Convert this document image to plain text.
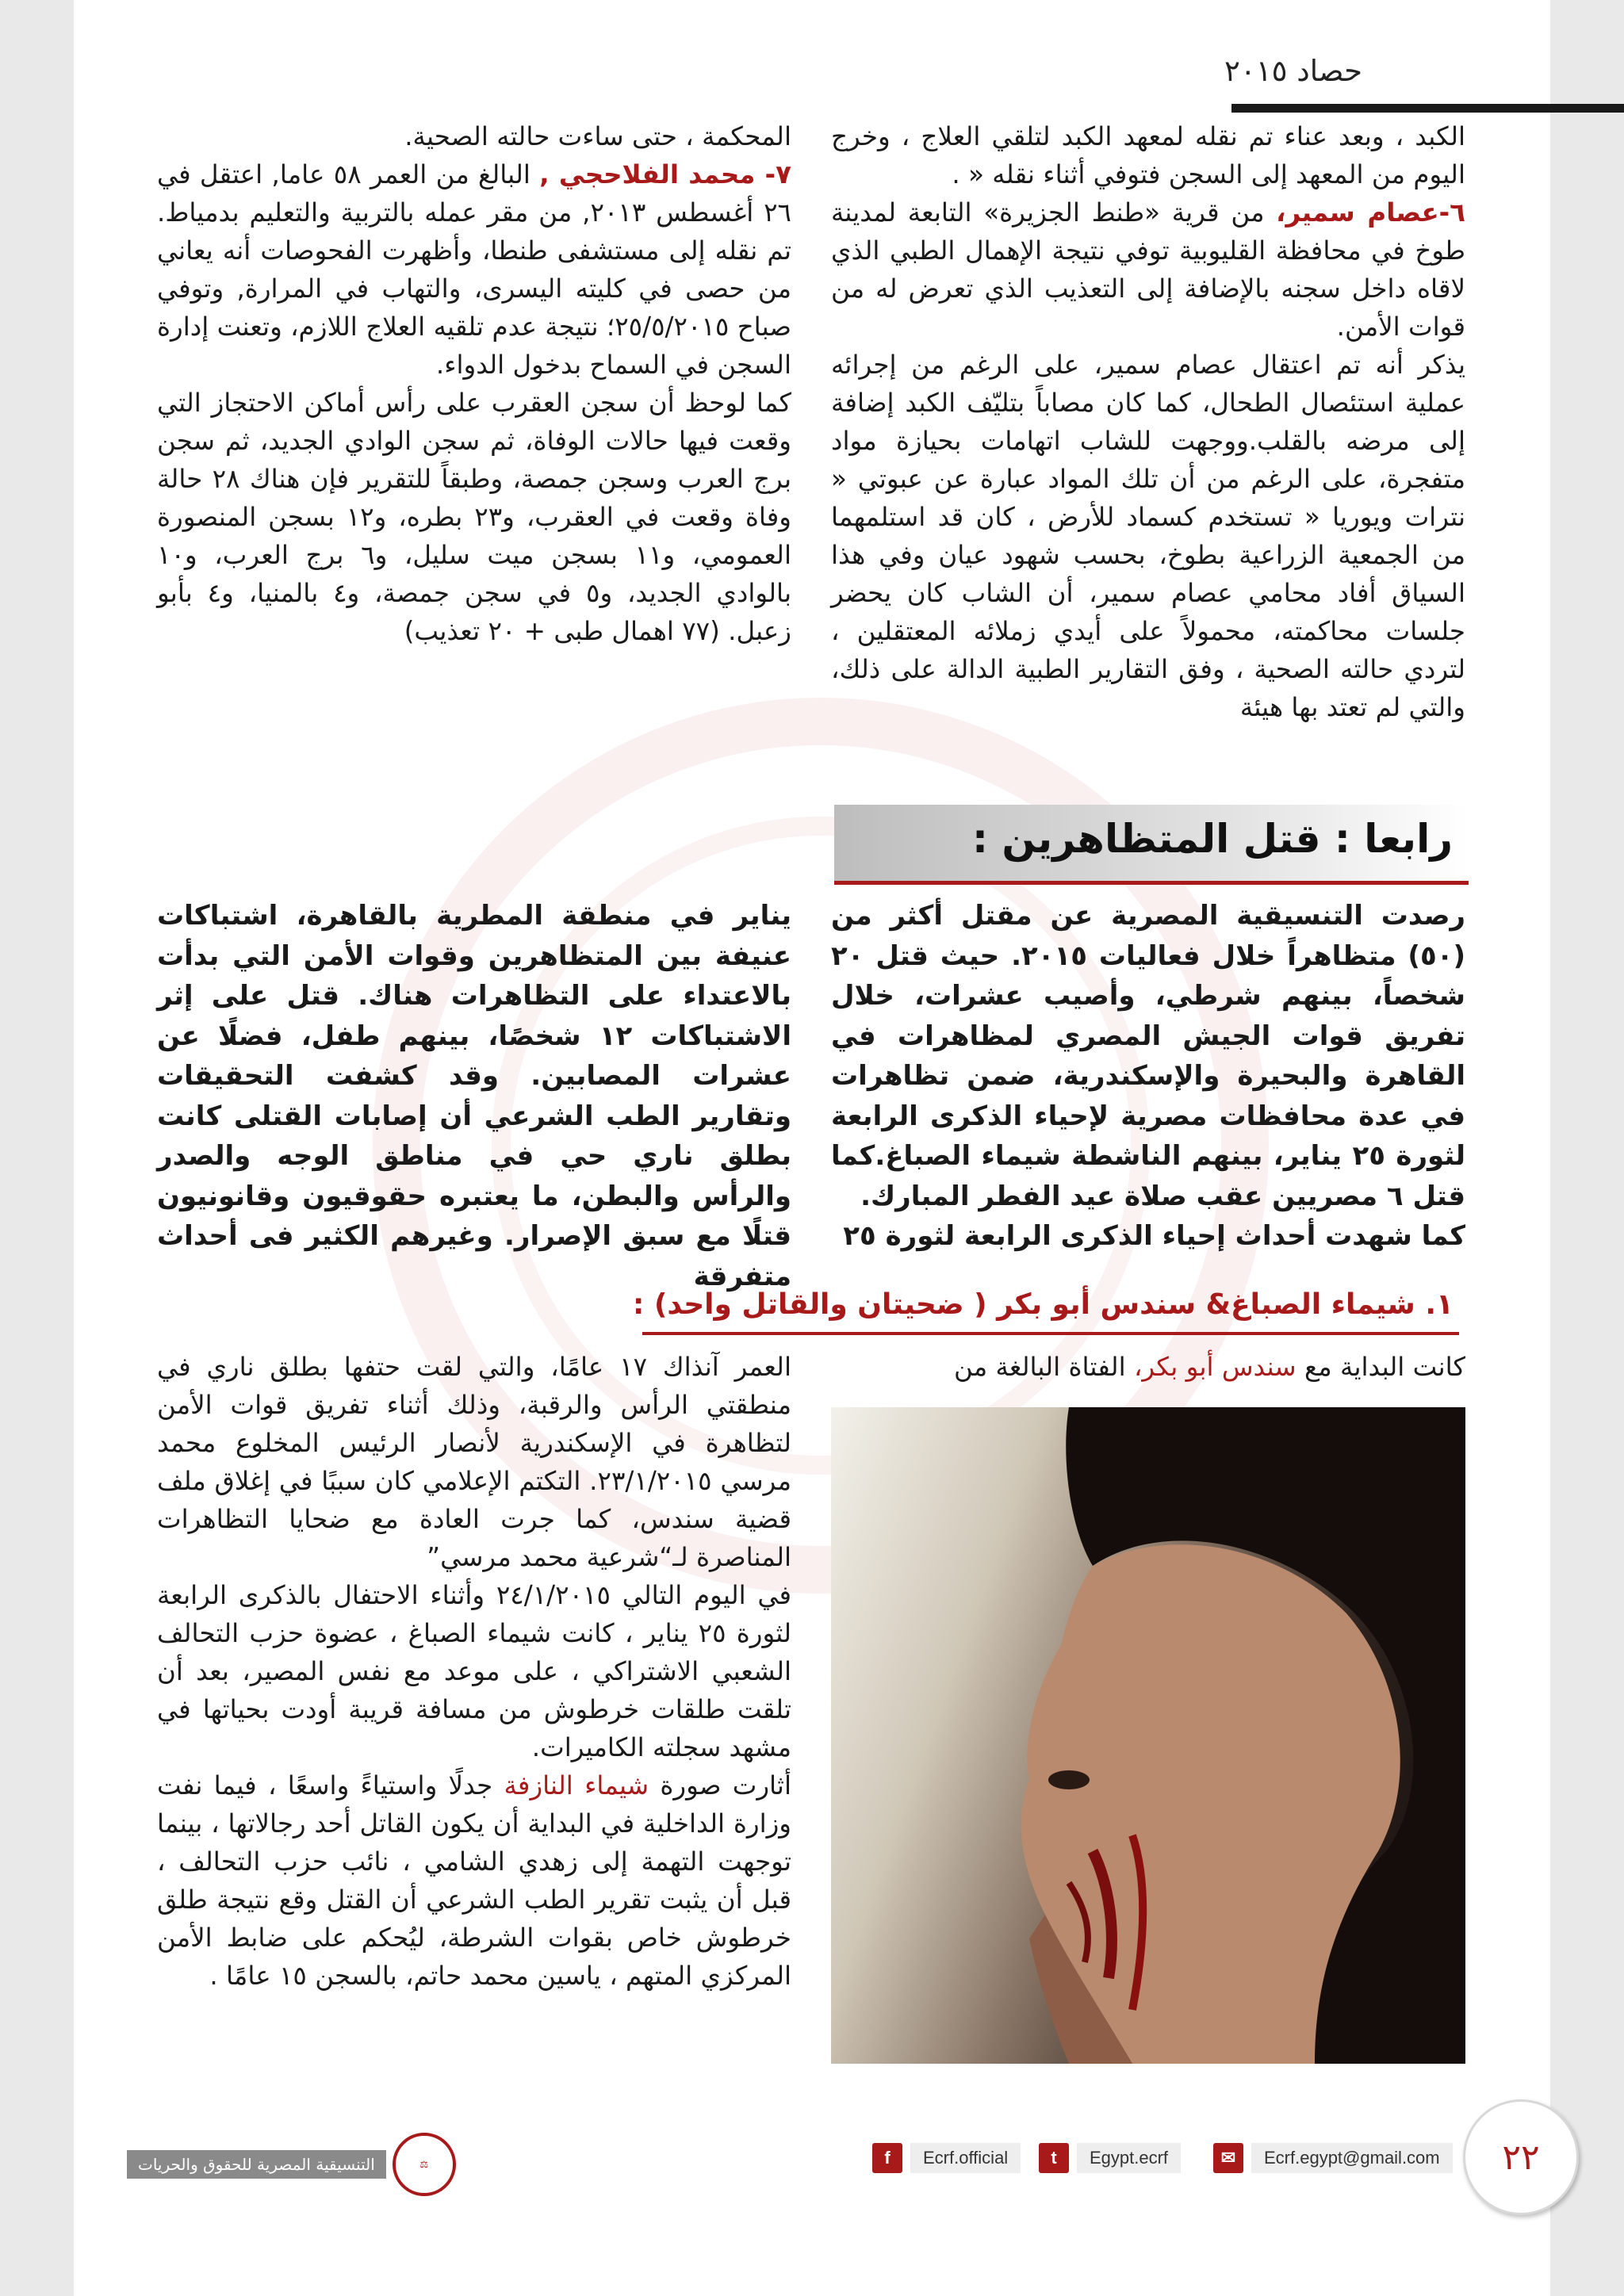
حصاد ٢٠١٥

المحكمة ، حتى ساءت حالته الصحية.

٧- محمد الفلاحجي , البالغ من العمر ٥٨ عاما, اعتقل في ٢٦ أغسطس ٢٠١٣, من مقر عمله بالتربية والتعليم بدمياط. تم نقله إلى مستشفى طنطا، وأظهرت الفحوصات أنه يعاني من حصى في كليته اليسرى، والتهاب في المرارة, وتوفي صباح ٢٥/٥/٢٠١٥؛ نتيجة عدم تلقيه العلاج اللازم، وتعنت إدارة السجن في السماح بدخول الدواء.

كما لوحظ أن سجن العقرب على رأس أماكن الاحتجاز التي وقعت فيها حالات الوفاة، ثم سجن الوادي الجديد، ثم سجن برج العرب وسجن جمصة، وطبقاً للتقرير فإن هناك ٢٨ حالة وفاة وقعت في العقرب، و٢٣ بطره، و١٢ بسجن المنصورة العمومي، و١١ بسجن ميت سليل، و٦ برج العرب، و١٠ بالوادي الجديد، و٥ في سجن جمصة، و٤ بالمنيا، و٤ بأبو زعبل. (٧٧ اهمال طبى + ٢٠ تعذيب)

الكبد ، وبعد عناء تم نقله لمعهد الكبد لتلقي العلاج ، وخرج اليوم من المعهد إلى السجن فتوفي أثناء نقله « .

٦-عصام سمير، من قرية «طنط الجزيرة» التابعة لمدينة طوخ في محافظة القليوبية توفي نتيجة الإهمال الطبي الذي لاقاه داخل سجنه بالإضافة إلى التعذيب الذي تعرض له من قوات الأمن.

يذكر أنه تم اعتقال عصام سمير، على الرغم من إجرائه عملية استئصال الطحال، كما كان مصاباً بتليّف الكبد إضافة إلى مرضه بالقلب.ووجهت للشاب اتهامات بحيازة مواد متفجرة، على الرغم من أن تلك المواد عبارة عن عبوتي « نترات ويوريا « تستخدم كسماد للأرض ، كان قد استلمهما من الجمعية الزراعية بطوخ، بحسب شهود عيان وفي هذا السياق أفاد محامي عصام سمير، أن الشاب كان يحضر جلسات محاكمته، محمولاً على أيدي زملائه المعتقلين ، لتردي حالته الصحية ، وفق التقارير الطبية الدالة على ذلك، والتي لم تعتد بها هيئة

رابعا : قتل المتظاهرين :

رصدت التنسيقية المصرية عن مقتل أكثر من (٥٠) متظاهراً خلال فعاليات ٢٠١٥. حيث قتل ٢٠ شخصاً، بينهم شرطي، وأصيب عشرات، خلال تفريق قوات الجيش المصري لمظاهرات في القاهرة والبحيرة والإسكندرية، ضمن تظاهرات في عدة محافظات مصرية لإحياء الذكرى الرابعة لثورة ٢٥ يناير، بينهم الناشطة شيماء الصباغ.كما قتل ٦ مصريين عقب صلاة عيد الفطر المبارك.

كما شهدت أحداث إحياء الذكرى الرابعة لثورة ٢٥

يناير في منطقة المطرية بالقاهرة، اشتباكات عنيفة بين المتظاهرين وقوات الأمن التي بدأت بالاعتداء على التظاهرات هناك. قتل على إثر الاشتباكات ١٢ شخصًا، بينهم طفل، فضلًا عن عشرات المصابين. وقد كشفت التحقيقات وتقارير الطب الشرعي أن إصابات القتلى كانت بطلق ناري حي في مناطق الوجه والصدر والرأس والبطن، ما يعتبره حقوقيون وقانونيون قتلًا مع سبق الإصرار. وغيرهم الكثير فى أحداث متفرقة

١. شيماء الصباغ& سندس أبو بكر ( ضحيتان والقاتل واحد) :

كانت البداية مع سندس أبو بكر، الفتاة البالغة من

العمر آنذاك ١٧ عامًا، والتي لقت حتفها بطلق ناري في منطقتي الرأس والرقبة، وذلك أثناء تفريق قوات الأمن لتظاهرة في الإسكندرية لأنصار الرئيس المخلوع محمد مرسي ٢٣/١/٢٠١٥. التكتم الإعلامي كان سببًا في إغلاق ملف قضية سندس، كما جرت العادة مع ضحايا التظاهرات المناصرة لـ“شرعية محمد مرسي”

في اليوم التالي ٢٤/١/٢٠١٥ وأثناء الاحتفال بالذكرى الرابعة لثورة ٢٥ يناير ، كانت شيماء الصباغ ، عضوة حزب التحالف الشعبي الاشتراكي ، على موعد مع نفس المصير، بعد أن تلقت طلقات خرطوش من مسافة قريبة أودت بحياتها في مشهد سجلته الكاميرات.

أثارت صورة شيماء النازفة جدلًا واستياءً واسعًا ، فيما نفت وزارة الداخلية في البداية أن يكون القاتل أحد رجالاتها ، بينما توجهت التهمة إلى زهدي الشامي ، نائب حزب التحالف ، قبل أن يثبت تقرير الطب الشرعي أن القتل وقع نتيجة طلق خرطوش خاص بقوات الشرطة، ليُحكم على ضابط الأمن المركزي المتهم ، ياسين محمد حاتم، بالسجن ١٥ عامًا .

٢٢
✉	Ecrf.egypt@gmail.com
t	Egypt.ecrf
f	Ecrf.official
⚖
التنسيقية المصرية للحقوق والحريات
